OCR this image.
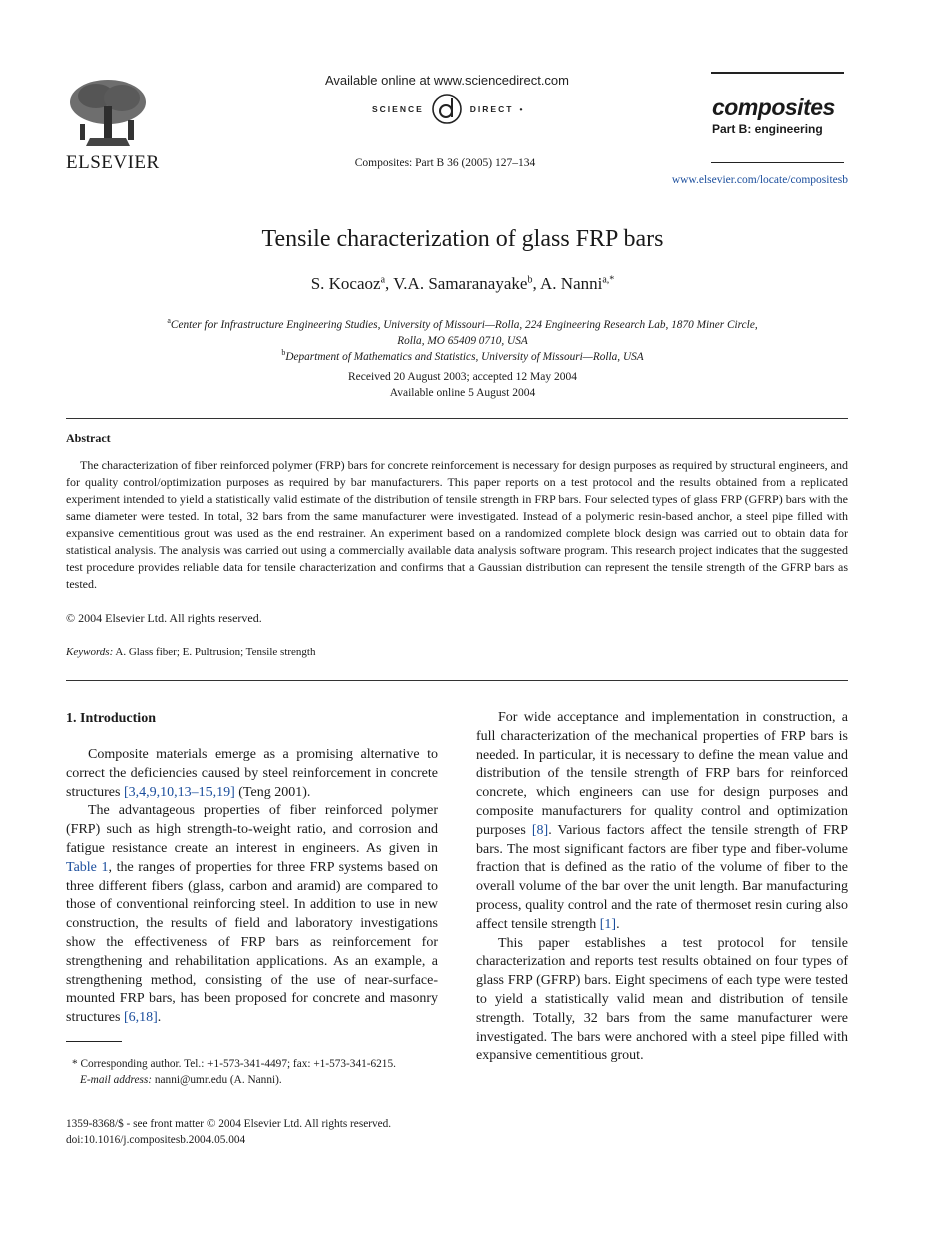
ELSEVIER
Available online at www.sciencedirect.com
SCIENCE	DIRECT •
Composites: Part B 36 (2005) 127–134
composites
Part B: engineering
www.elsevier.com/locate/compositesb
Tensile characterization of glass FRP bars
S. Kocaoz$^a$, V.A. Samaranayake$^b$, A. Nanni$^{a,*}$
$^a$Center for Infrastructure Engineering Studies, University of Missouri—Rolla, 224 Engineering Research Lab, 1870 Miner Circle,
Rolla, MO 65409 0710, USA
$^b$Department of Mathematics and Statistics, University of Missouri—Rolla, USA
Received 20 August 2003; accepted 12 May 2004
Available online 5 August 2004
Abstract

The characterization of fiber reinforced polymer (FRP) bars for concrete reinforcement is necessary for design purposes as required by structural engineers, and for quality control/optimization purposes as required by bar manufacturers. This paper reports on a test protocol and the results obtained from a replicated experiment intended to yield a statistically valid estimate of the distribution of tensile strength in FRP bars. Four selected types of glass FRP (GFRP) bars with the same diameter were tested. In total, 32 bars from the same manufacturer were investigated. Instead of a polymeric resin-based anchor, a steel pipe filled with expansive cementitious grout was used as the end restrainer. An experiment based on a randomized complete block design was carried out to obtain data for statistical analysis. The analysis was carried out using a commercially available data analysis software program. This research project indicates that the suggested test procedure provides reliable data for tensile characterization and confirms that a Gaussian distribution can represent the tensile strength of the GFRP bars as tested.

© 2004 Elsevier Ltd. All rights reserved.
Keywords: A. Glass fiber; E. Pultrusion; Tensile strength
1. Introduction

Composite materials emerge as a promising alternative to correct the deficiencies caused by steel reinforcement in concrete structures [3,4,9,10,13–15,19] (Teng 2001).

The advantageous properties of fiber reinforced polymer (FRP) such as high strength-to-weight ratio, and corrosion and fatigue resistance create an interest in engineers. As given in Table 1, the ranges of properties for three FRP systems based on three different fibers (glass, carbon and aramid) are compared to those of conventional reinforcing steel. In addition to use in new construction, the results of field and laboratory investigations show the effectiveness of FRP bars as reinforcement for strengthening and rehabilitation applications. As an example, a strengthening method, consisting of the use of near-surface-mounted FRP bars, has been proposed for concrete and masonry structures [6,18].

* Corresponding author. Tel.: +1-573-341-4497; fax: +1-573-341-6215.

E-mail address: nanni@umr.edu (A. Nanni).

1359-8368/$ - see front matter © 2004 Elsevier Ltd. All rights reserved.
doi:10.1016/j.compositesb.2004.05.004

For wide acceptance and implementation in construction, a full characterization of the mechanical properties of FRP bars is needed. In particular, it is necessary to define the mean value and distribution of the tensile strength of FRP bars for reinforced concrete, which engineers can use for design purposes and composite manufacturers for quality control and optimization purposes [8]. Various factors affect the tensile strength of FRP bars. The most significant factors are fiber type and fiber-volume fraction that is defined as the ratio of the volume of fiber to the overall volume of the bar over the unit length. Bar manufacturing process, quality control and the rate of thermoset resin curing also affect tensile strength [1].

This paper establishes a test protocol for tensile characterization and reports test results obtained on four types of glass FRP (GFRP) bars. Eight specimens of each type were tested to yield a statistically valid mean and distribution of tensile strength. Totally, 32 bars from the same manufacturer were investigated. The bars were anchored with a steel pipe filled with expansive cementitious grout.
